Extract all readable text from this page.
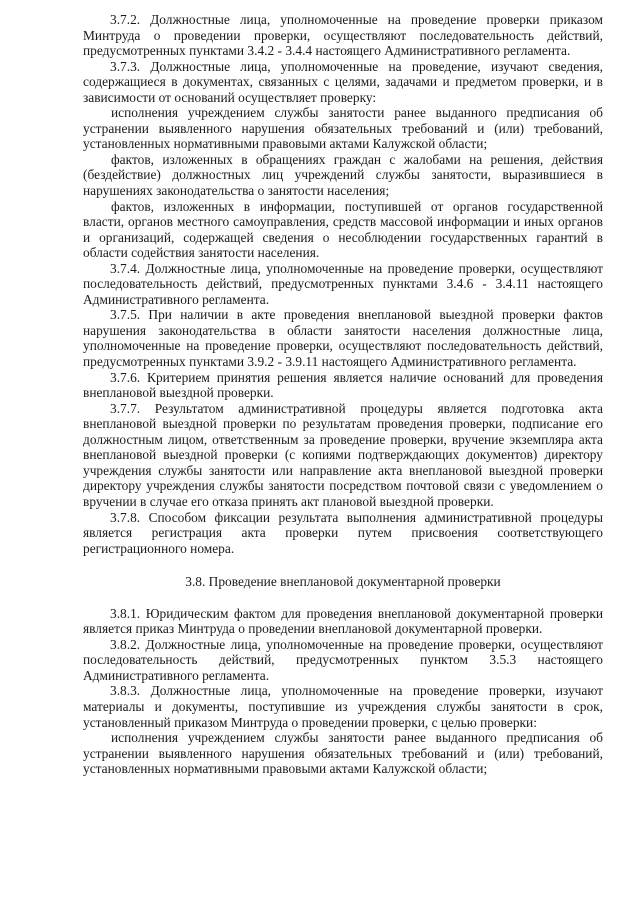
3.7.2. Должностные лица, уполномоченные на проведение проверки приказом Минтруда о проведении проверки, осуществляют последовательность действий, предусмотренных пунктами 3.4.2 - 3.4.4 настоящего Административного регламента.

3.7.3. Должностные лица, уполномоченные на проведение, изучают сведения, содержащиеся в документах, связанных с целями, задачами и предметом проверки, и в зависимости от оснований осуществляет проверку:

исполнения учреждением службы занятости ранее выданного предписания об устранении выявленного нарушения обязательных требований и (или) требований, установленных нормативными правовыми актами Калужской области;

фактов, изложенных в обращениях граждан с жалобами на решения, действия (бездействие) должностных лиц учреждений службы занятости, выразившиеся в нарушениях законодательства о занятости населения;

фактов, изложенных в информации, поступившей от органов государственной власти, органов местного самоуправления, средств массовой информации и иных органов и организаций, содержащей сведения о несоблюдении государственных гарантий в области содействия занятости населения.

3.7.4. Должностные лица, уполномоченные на проведение проверки, осуществляют последовательность действий, предусмотренных пунктами 3.4.6 - 3.4.11 настоящего Административного регламента.

3.7.5. При наличии в акте проведения внеплановой выездной проверки фактов нарушения законодательства в области занятости населения должностные лица, уполномоченные на проведение проверки, осуществляют последовательность действий, предусмотренных пунктами 3.9.2 - 3.9.11 настоящего Административного регламента.

3.7.6. Критерием принятия решения является наличие оснований для проведения внеплановой выездной проверки.

3.7.7. Результатом административной процедуры является подготовка акта внеплановой выездной проверки по результатам проведения проверки, подписание его должностным лицом, ответственным за проведение проверки, вручение экземпляра акта внеплановой выездной проверки (с копиями подтверждающих документов) директору учреждения службы занятости или направление акта внеплановой выездной проверки директору учреждения службы занятости посредством почтовой связи с уведомлением о вручении в случае его отказа принять акт плановой выездной проверки.

3.7.8. Способом фиксации результата выполнения административной процедуры является регистрация акта проверки путем присвоения соответствующего регистрационного номера.

3.8. Проведение внеплановой документарной проверки

3.8.1. Юридическим фактом для проведения внеплановой документарной проверки является приказ Минтруда о проведении внеплановой документарной проверки.

3.8.2. Должностные лица, уполномоченные на проведение проверки, осуществляют последовательность действий, предусмотренных пунктом 3.5.3 настоящего Административного регламента.

3.8.3. Должностные лица, уполномоченные на проведение проверки, изучают материалы и документы, поступившие из учреждения службы занятости в срок, установленный приказом Минтруда о проведении проверки, с целью проверки:

исполнения учреждением службы занятости ранее выданного предписания об устранении выявленного нарушения обязательных требований и (или) требований, установленных нормативными правовыми актами Калужской области;
